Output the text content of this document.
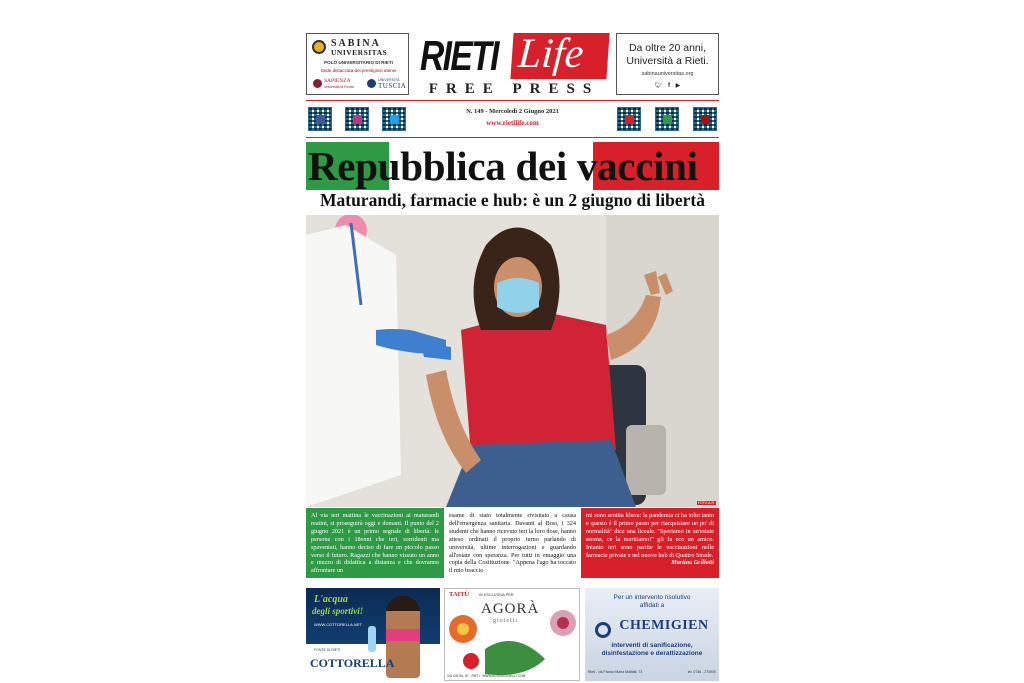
SABINA
UNIVERSITAS
POLO UNIVERSITARIO DI RIETI
Sede distaccata dei prestigiosi atenei
SAPIENZA
Università di Roma
UNIVERSITÀ
TUSCIA
RIETI Life
FREE PRESS
Da oltre 20 anni,
Università a Rieti.
sabinauniversitas.org
🐦︎ f ▶
N. 149 - Mercoledì 2 Giugno 2021
www.rietilife.com
Repubblica dei vaccini
Maturandi, farmacie e hub: è un 2 giugno di libertà
FOTO A.R.
Al via ieri mattina le vaccinazioni ai maturandi reatini, si proseguirà oggi e domani. Il punto del 2 giugno 2021 è un primo segnale di libertà: le persone con i 18enni che ieri, sorridenti ma spaventati, hanno deciso di fare un piccolo passo verso il futuro. Ragazzi che hanno vissuto un anno e mezzo di didattica a distanza e che dovranno affrontare un
esame di stato totalmente rivisitato a causa dell'emergenza sanitaria. Davanti al Bosi, i 324 studenti che hanno ricevuto ieri la loro dose, hanno atteso ordinati il proprio turno parlando di università, ultime interrogazioni e guardando all'estate con speranza. Per tutti in omaggio una copia della Costituzione. "Appena l'ago ha toccato il mio braccio
mi sono sentita libera: la pandemia ci ha tolto tanto e questo è il primo passo per riacquistare un po' di normalità" dice una liceale. "Speriamo in un'estate serena, ce la meritiamo!" gli fa eco un amico. Intanto ieri sono partite le vaccinazioni nelle farmacie private e nel nuovo hub di Quattro Strade.
Martina Grillotti
L'acqua
degli sportivi!
WWW.COTTORELLA.NET
FONTE DI RIETI
COTTORELLA
TAITÙ	IN ESCLUSIVA PER
AGORÀ
gioielli
VIA CINTIA, 87 - RIETI · WWW.AGORAGIOIELLI.COM
Per un intervento risolutivo
affidati a
CHEMIGIEN
interventi di sanificazione,
disinfestazione e derattizzazione
Rieti - via Franco Maria Malfatti, 73	tel. 0746 - 270900
